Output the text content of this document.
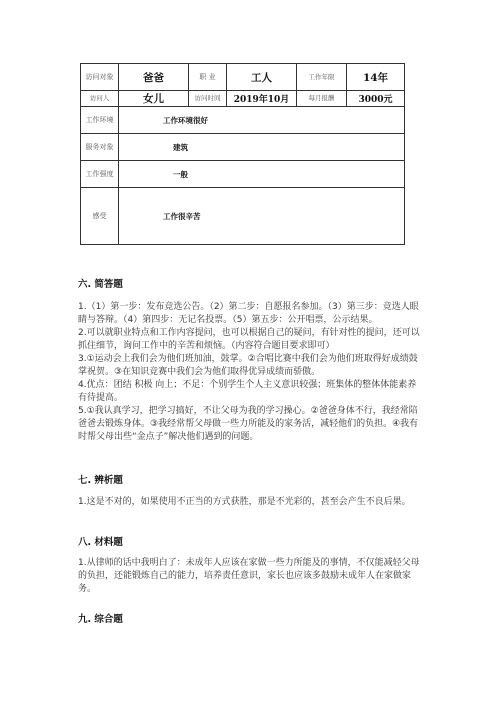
访问对象	爸爸	职 业	工人	工作年限	14年
访问人	女儿	访问时间	2019年10月	每月报酬	3000元
工作环境	工作环境很好				
服务对象	建筑				
工作强度	一般				
感受	工作很辛苦				
六. 简答题

1.（1）第一步：发布竞选公告。（2）第二步：自愿报名参加。（3）第三步：竞选人眼睛与答辩。（4）第四步：无记名投票。（5）第五步：公开唱票，公示结果。

2.可以就职业特点和工作内容提问，也可以根据自己的疑问，有针对性的提问，还可以抓住细节，询问工作中的辛苦和烦恼。（内容符合题目要求即可）

3.①运动会上我们会为他们班加油，鼓掌。②合唱比赛中我们会为他们班取得好成绩鼓掌祝贺。③在知识竞赛中我们会为他们取得优异成绩而骄傲。

4.优点：团结 积极 向上；不足：个别学生个人主义意识较强；班集体的整体体能素养有待提高。

5.①我认真学习，把学习搞好，不让父母为我的学习操心。②爸爸身体不行，我经常陪爸爸去锻炼身体。③我经常帮父母做一些力所能及的家务活，减轻他们的负担。④我有时帮父母出些“金点子”解决他们遇到的问题。

七. 辨析题

1.这是不对的，如果使用不正当的方式获胜，那是不光彩的，甚至会产生不良后果。

八. 材料题

1.从律师的话中我明白了：未成年人应该在家做一些力所能及的事情，不仅能减轻父母的负担，还能锻炼自己的能力，培养责任意识，家长也应该多鼓励未成年人在家做家务。

九. 综合题
